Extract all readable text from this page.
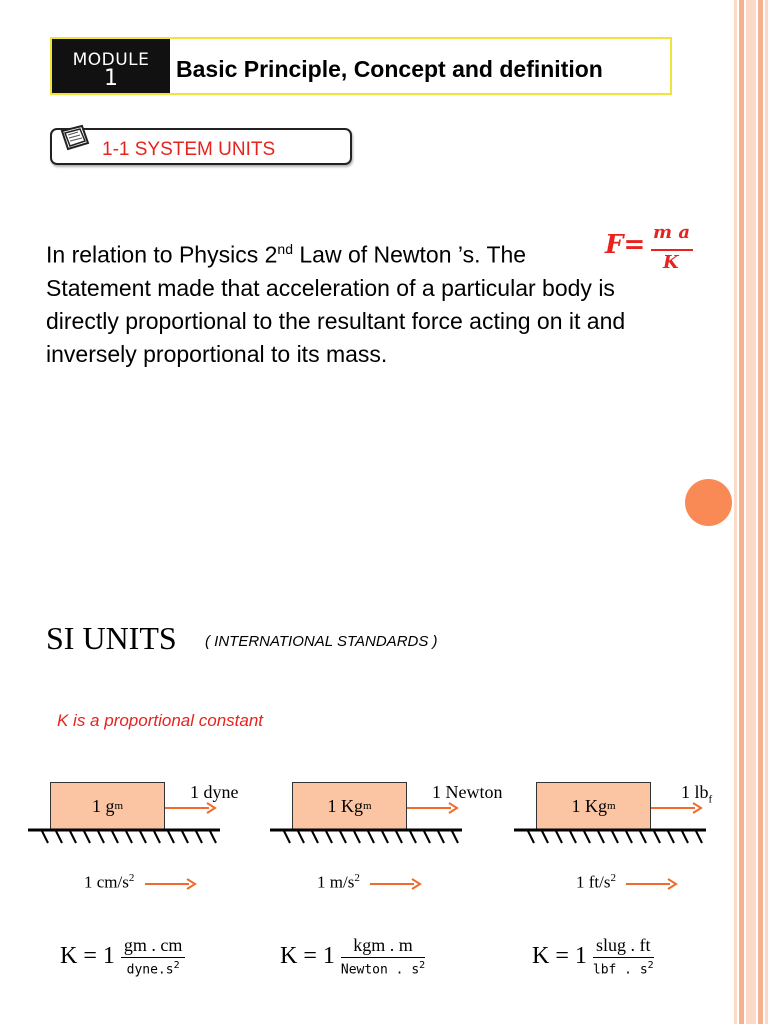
MODULE
1	Basic Principle, Concept and definition
1-1 SYSTEM UNITS
In relation to Physics 2nd Law of Newton ’s. The

Statement made that acceleration of a particular body is directly proportional to the resultant force acting on it and inversely proportional to its mass.
F= m a
K
SI UNITS ( INTERNATIONAL STANDARDS )
K is a proportional constant
1 g m
1 dyne
1 Kg m
1 Newton
1 Kg m
1 $lb_f$
1 $cm/s^2$	1 $m/s^2$	1 $ft/s^2$
$K = 1 \frac{gm . cm}{dyne.s^2}$	$K = 1 \frac{\text{kgm . m}}{Newton . s^2}$	$K = 1 \frac{\text{slug . ft}}{lbf . s^2}$
